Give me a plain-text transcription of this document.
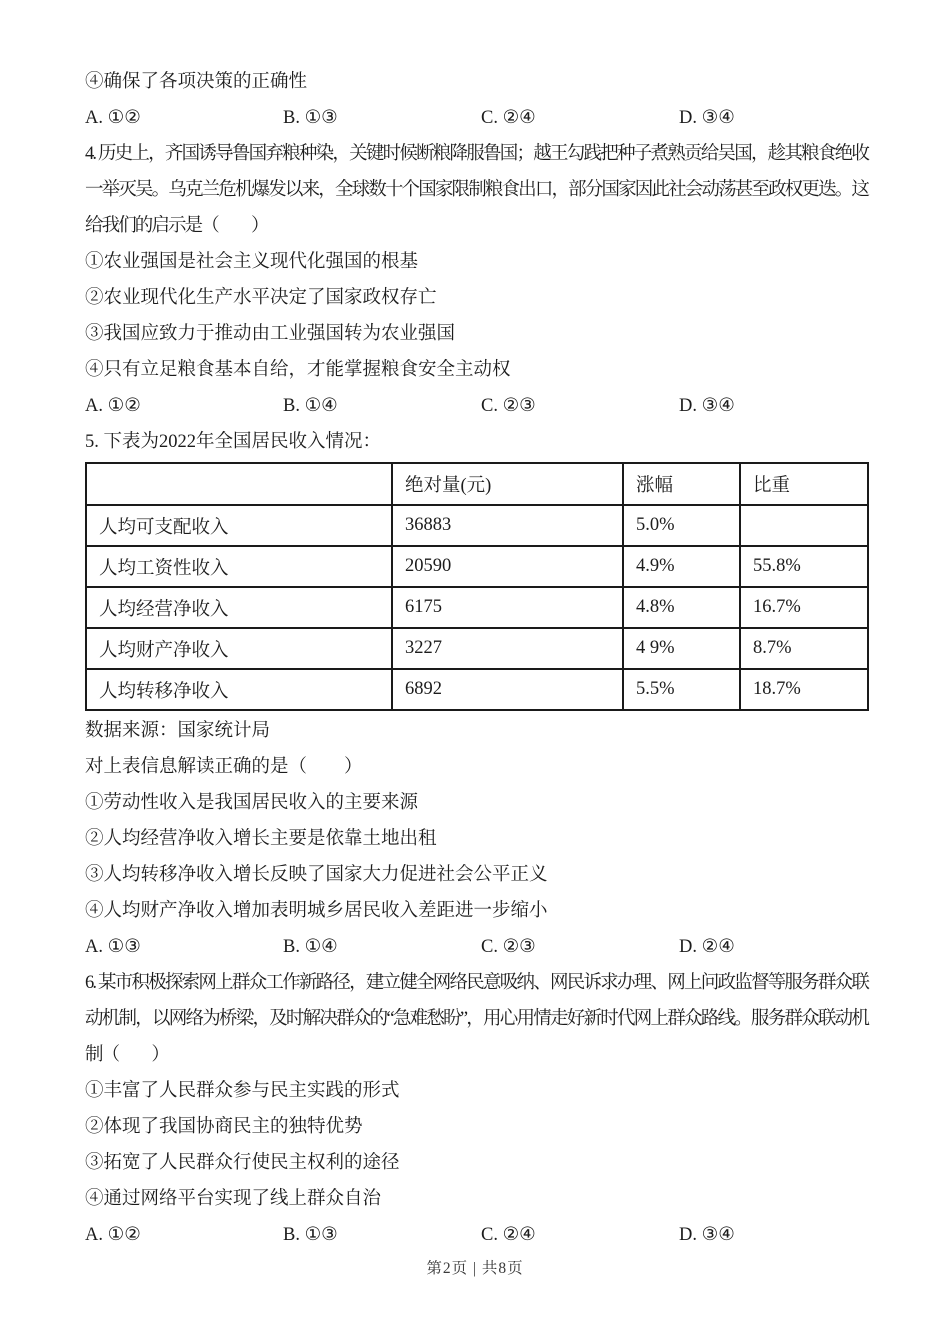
④确保了各项决策的正确性

A. ①②	B. ①③	C. ②④	D. ③④

4. 历史上，齐国诱导鲁国弃粮种染，关键时候断粮降服鲁国；越王勾践把种子煮熟贡给吴国，趁其粮食绝收一举灭吴。乌克兰危机爆发以来，全球数十个国家限制粮食出口，部分国家因此社会动荡甚至政权更迭。这给我们的启示是（　　）

①农业强国是社会主义现代化强国的根基

②农业现代化生产水平决定了国家政权存亡

③我国应致力于推动由工业强国转为农业强国

④只有立足粮食基本自给，才能掌握粮食安全主动权

A. ①②	B. ①④	C. ②③	D. ③④

5. 下表为2022年全国居民收入情况：

	绝对量(元)	涨幅	比重
人均可支配收入	36883	5.0%	
人均工资性收入	20590	4.9%	55.8%
人均经营净收入	6175	4.8%	16.7%
人均财产净收入	3227	4 9%	8.7%
人均转移净收入	6892	5.5%	18.7%

数据来源：国家统计局

对上表信息解读正确的是（　　）

①劳动性收入是我国居民收入的主要来源

②人均经营净收入增长主要是依靠土地出租

③人均转移净收入增长反映了国家大力促进社会公平正义

④人均财产净收入增加表明城乡居民收入差距进一步缩小

A. ①③	B. ①④	C. ②③	D. ②④

6. 某市积极探索网上群众工作新路径，建立健全网络民意吸纳、网民诉求办理、网上问政监督等服务群众联动机制，以网络为桥梁，及时解决群众的“急难愁盼”，用心用情走好新时代网上群众路线。服务群众联动机制（　　）

①丰富了人民群众参与民主实践的形式

②体现了我国协商民主的独特优势

③拓宽了人民群众行使民主权利的途径

④通过网络平台实现了线上群众自治

A. ①②	B. ①③	C. ②④	D. ③④
第2页 | 共8页
